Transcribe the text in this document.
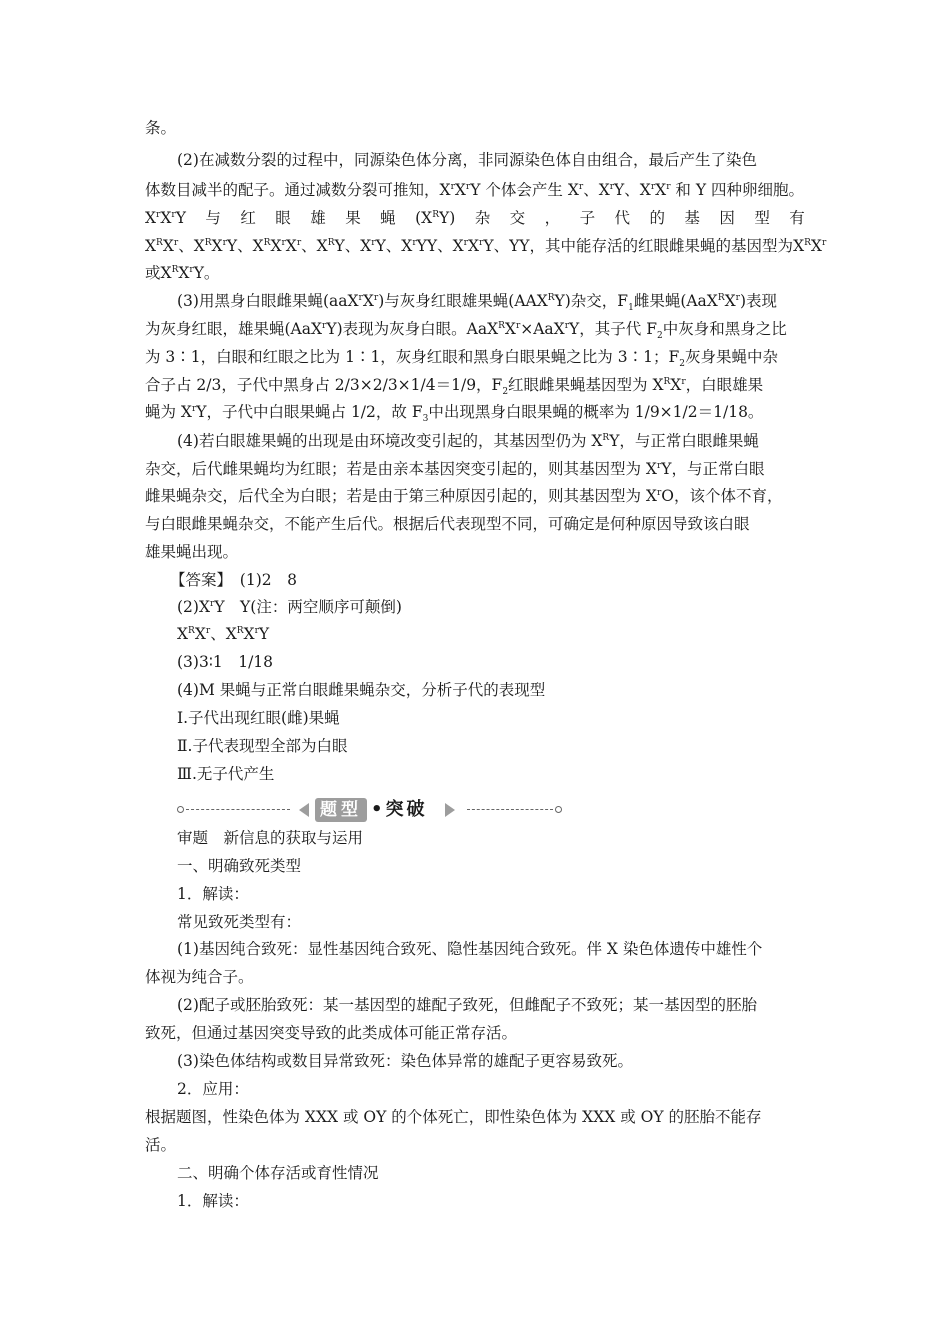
条。
(2)在减数分裂的过程中，同源染色体分离，非同源染色体自由组合，最后产生了染色
体数目减半的配子。通过减数分裂可推知，$X^rX^rY$ 个体会产生 $X^r$、$X^rY$、$X^rX^r$ 和 Y 四种卵细胞。
$X^rX^rY$ 与 红 眼 雄 果 蝇 $(X^RY)$ 杂 交 ， 子 代 的 基 因 型 有
$X^RX^r$、$X^RX^rY$、$X^RX^rX^r$、$X^RY$、$X^rY$、$X^rYY$、$X^rX^rY$、YY，其中能存活的红眼雌果蝇的基因型为$X^RX^r$
或$X^RX^rY$。
(3)用黑身白眼雌果蝇$(aaX^rX^r)$与灰身红眼雄果蝇$(AAX^RY)$杂交，$F_1$雌果蝇$(AaX^RX^r)$表现
为灰身红眼，雄果蝇(AaX$^r$Y)表现为灰身白眼。$AaX^RX^r\times AaX^rY$，其子代 $F_2$中灰身和黑身之比
为 3∶1，白眼和红眼之比为 1∶1，灰身红眼和黑身白眼果蝇之比为 3∶1；$F_2$灰身果蝇中杂
合子占 2/3，子代中黑身占 2/3×2/3×1/4＝1/9，$F_2$红眼雌果蝇基因型为 $X^RX^r$，白眼雄果
蝇为 $X^rY$，子代中白眼果蝇占 1/2，故 $F_3$中出现黑身白眼果蝇的概率为 1/9×1/2＝1/18。
(4)若白眼雄果蝇的出现是由环境改变引起的，其基因型仍为 $X^RY$，与正常白眼雌果蝇
杂交，后代雌果蝇均为红眼；若是由亲本基因突变引起的，则其基因型为 $X^rY$，与正常白眼
雌果蝇杂交，后代全为白眼；若是由于第三种原因引起的，则其基因型为 $X^rO$，该个体不育，
与白眼雌果蝇杂交，不能产生后代。根据后代表现型不同，可确定是何种原因导致该白眼
雄果蝇出现。
【答案】　 (1)2　8
$(2)X^rY$　Y(注：两空顺序可颠倒)
$X^RX^r$、$X^RX^rY$
(3)3∶1　1/18
(4)M 果蝇与正常白眼雌果蝇杂交，分析子代的表现型
Ⅰ.子代出现红眼(雌)果蝇
Ⅱ.子代表现型全部为白眼
Ⅲ.无子代产生
题型 •突破
审题　新信息的获取与运用
一、明确致死类型
1．解读：
常见致死类型有：
(1)基因纯合致死：显性基因纯合致死、隐性基因纯合致死。伴 X 染色体遗传中雄性个
体视为纯合子。
(2)配子或胚胎致死：某一基因型的雄配子致死，但雌配子不致死；某一基因型的胚胎
致死，但通过基因突变导致的此类成体可能正常存活。
(3)染色体结构或数目异常致死：染色体异常的雄配子更容易致死。
2．应用：
根据题图，性染色体为 XXX 或 OY 的个体死亡，即性染色体为 XXX 或 OY 的胚胎不能存
活。
二、明确个体存活或育性情况
1．解读：
